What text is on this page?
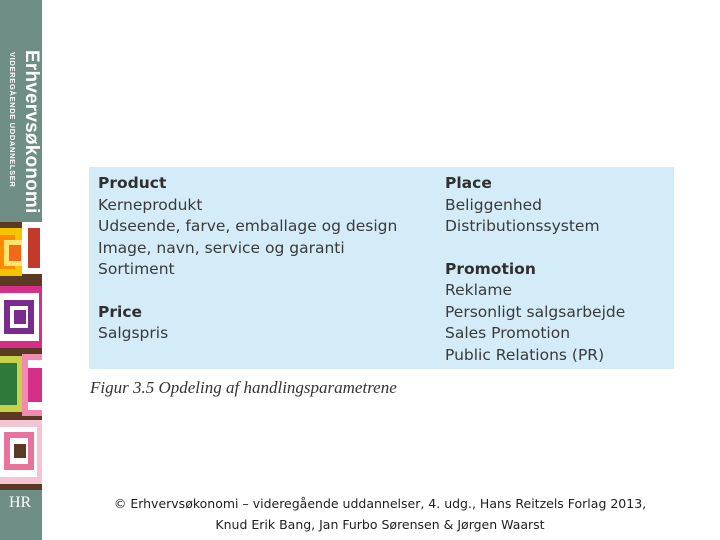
Erhvervsøkonomi
VIDEREGÅENDE UDDANNELSER
HR
Product
Kerneprodukt
Udseende, farve, emballage og design
Image, navn, service og garanti
Sortiment
Price
Salgspris
Place
Beliggenhed
Distributionssystem
Promotion
Reklame
Personligt salgsarbejde
Sales Promotion
Public Relations (PR)
Figur 3.5 Opdeling af handlingsparametrene
© Erhvervsøkonomi – videregående uddannelser, 4. udg., Hans Reitzels Forlag 2013,
Knud Erik Bang, Jan Furbo Sørensen & Jørgen Waarst
